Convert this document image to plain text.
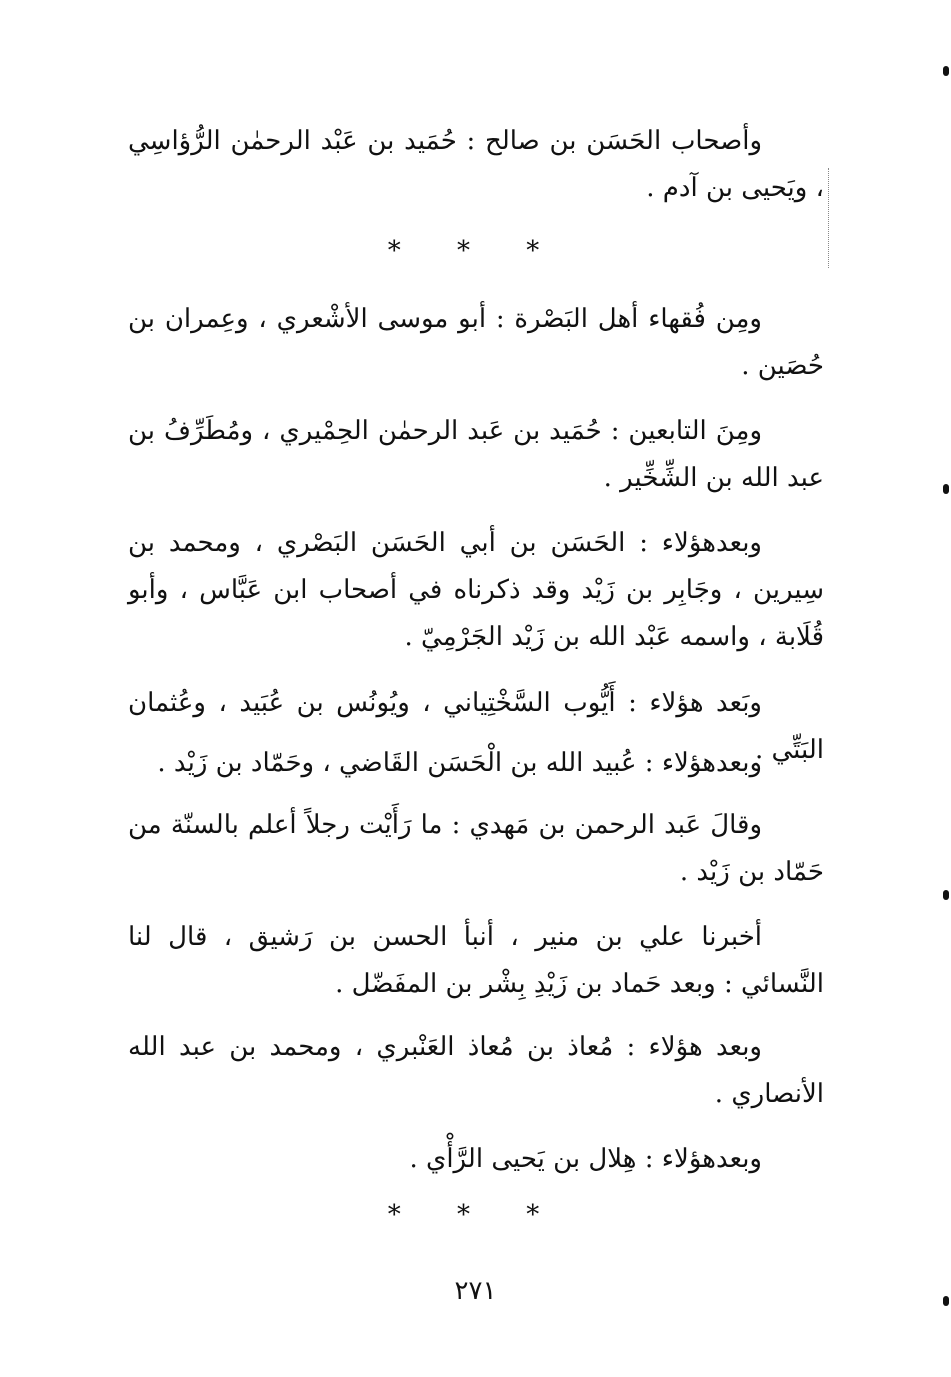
وأصحاب الحَسَن بن صالح : حُمَيد بن عَبْد الرحمٰن الرُّؤاسِي ، ويَحيى بن آدم .

* * *

ومِن فُقهاء أهل البَصْرة : أبو موسى الأشْعري ، وعِمران بن حُصَين .

ومِنَ التابعين : حُمَيد بن عَبد الرحمٰن الحِمْيري ، ومُطَرِّفُ بن عبد الله بن الشِّخِّير .

وبعدهؤلاء : الحَسَن بن أبي الحَسَن البَصْري ، ومحمد بن سِيرين ، وجَابِر بن زَيْد وقد ذكرناه في أصحاب ابن عَبَّاس ، وأبو قُلَابة ، واسمه عَبْد الله بن زَيْد الجَرْمِيّ .

وبَعد هؤلاء : أَيُّوب السَّخْتِياني ، ويُونُس بن عُبَيد ، وعُثمان البَتِّي .

وبعدهؤلاء : عُبيد الله بن الْحَسَن القَاضي ، وحَمّاد بن زَيْد .

وقالَ عَبد الرحمن بن مَهدي : ما رَأَيْت رجلاً أعلم بالسنّة من حَمّاد بن زَيْد .

أخبرنا علي بن منير ، أنبأ الحسن بن رَشيق ، قال لنا النَّسائي : وبعد حَماد بن زَيْدِ بِشْر بن المفَضّل .

وبعد هؤلاء : مُعاذ بن مُعاذ العَنْبري ، ومحمد بن عبد الله الأنصاري .

وبعدهؤلاء : هِلال بن يَحيى الرَّأْي .

* * *
٢٧١
